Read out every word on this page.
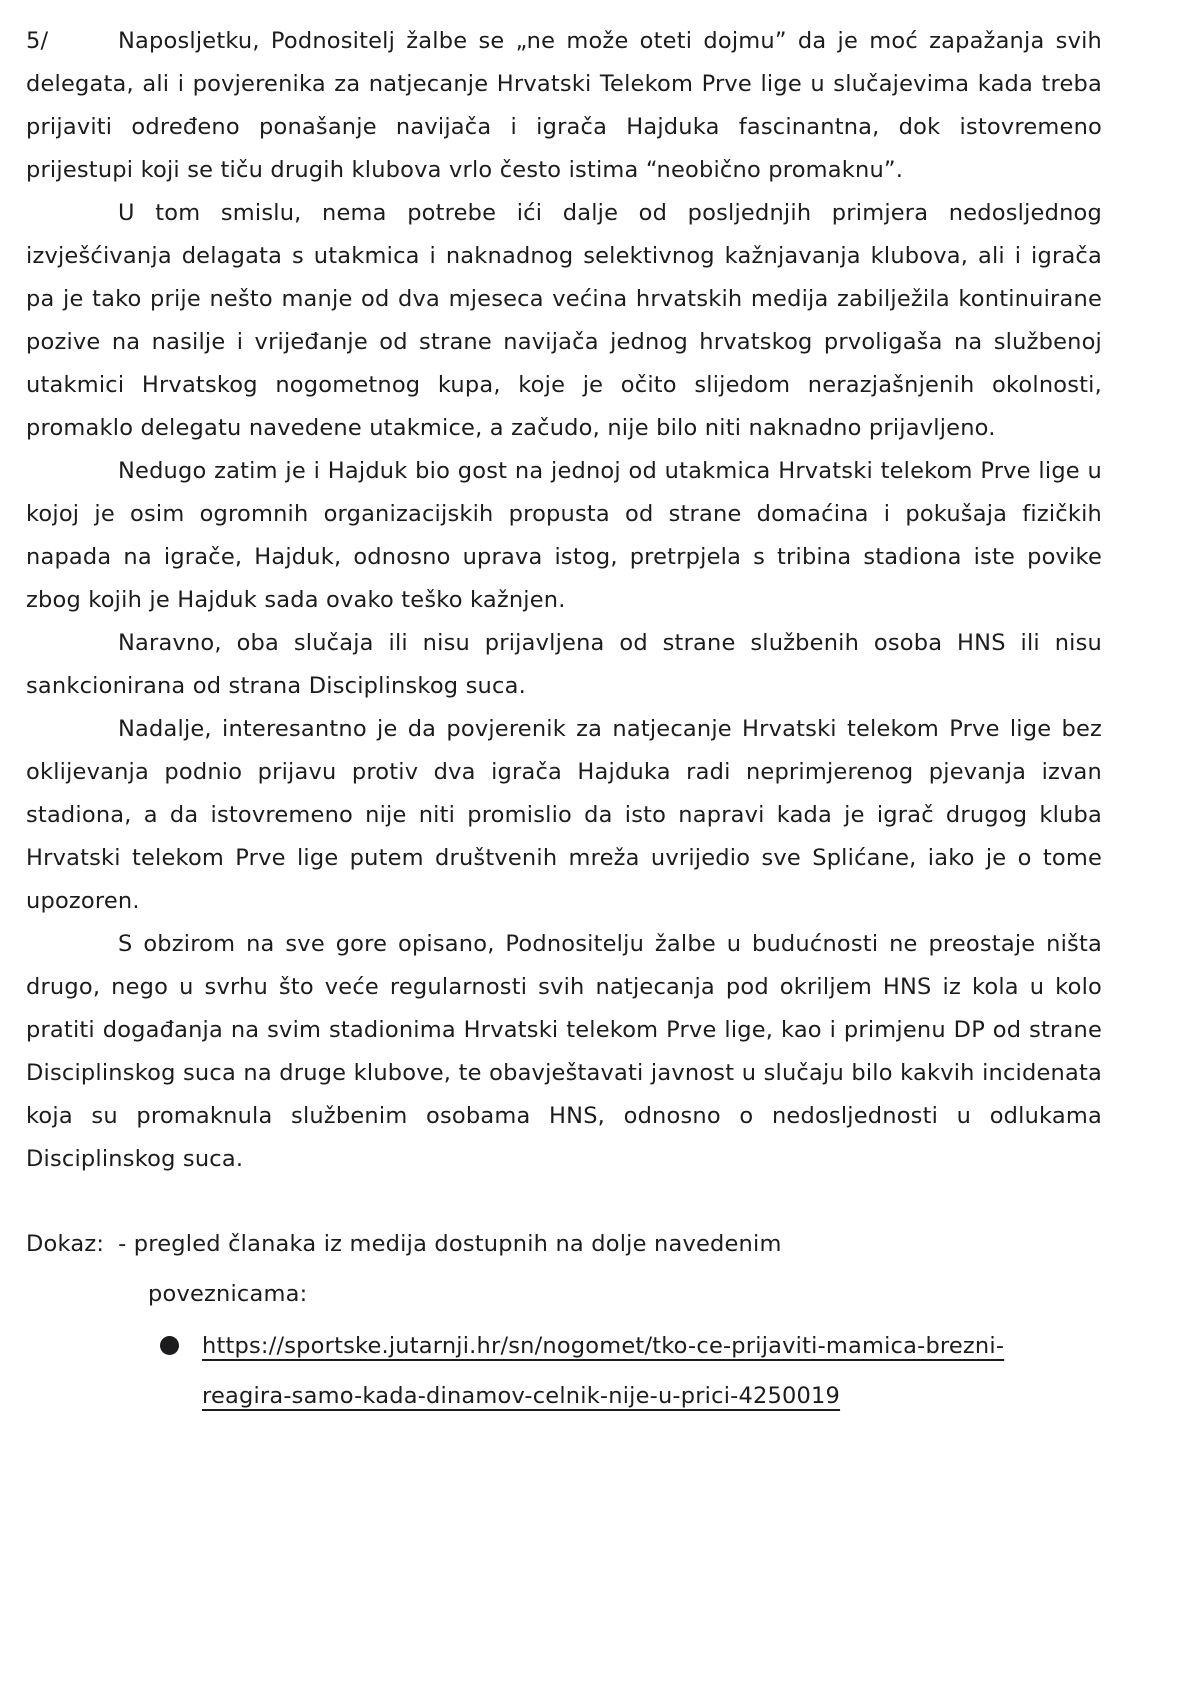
5/	Naposljetku, Podnositelj žalbe se „ne može oteti dojmu” da je moć zapažanja svih delegata, ali i povjerenika za natjecanje Hrvatski Telekom Prve lige u slučajevima kada treba prijaviti određeno ponašanje navijača i igrača Hajduka fascinantna, dok istovremeno prijestupi koji se tiču drugih klubova vrlo često istima “neobično promaknu”.

U tom smislu, nema potrebe ići dalje od posljednjih primjera nedosljednog izvješćivanja delagata s utakmica i naknadnog selektivnog kažnjavanja klubova, ali i igrača pa je tako prije nešto manje od dva mjeseca većina hrvatskih medija zabilježila kontinuirane pozive na nasilje i vrijeđanje od strane navijača jednog hrvatskog prvoligaša na službenoj utakmici Hrvatskog nogometnog kupa, koje je očito slijedom nerazjašnjenih okolnosti, promaklo delegatu navedene utakmice, a začudo, nije bilo niti naknadno prijavljeno.

Nedugo zatim je i Hajduk bio gost na jednoj od utakmica Hrvatski telekom Prve lige u kojoj je osim ogromnih organizacijskih propusta od strane domaćina i pokušaja fizičkih napada na igrače, Hajduk, odnosno uprava istog, pretrpjela s tribina stadiona iste povike zbog kojih je Hajduk sada ovako teško kažnjen.

Naravno, oba slučaja ili nisu prijavljena od strane službenih osoba HNS ili nisu sankcionirana od strana Disciplinskog suca.

Nadalje, interesantno je da povjerenik za natjecanje Hrvatski telekom Prve lige bez oklijevanja podnio prijavu protiv dva igrača Hajduka radi neprimjerenog pjevanja izvan stadiona, a da istovremeno nije niti promislio da isto napravi kada je igrač drugog kluba Hrvatski telekom Prve lige putem društvenih mreža uvrijedio sve Splićane, iako je o tome upozoren.

S obzirom na sve gore opisano, Podnositelju žalbe u budućnosti ne preostaje ništa drugo, nego u svrhu što veće regularnosti svih natjecanja pod okriljem HNS iz kola u kolo pratiti događanja na svim stadionima Hrvatski telekom Prve lige, kao i primjenu DP od strane Disciplinskog suca na druge klubove, te obavještavati javnost u slučaju bilo kakvih incidenata koja su promaknula službenim osobama HNS, odnosno o nedosljednosti u odlukama Disciplinskog suca.

Dokaz: - pregled članaka iz medija dostupnih na dolje navedenim
poveznicama:
https://sportske.jutarnji.hr/sn/nogomet/tko-ce-prijaviti-mamica-brezni-reagira-samo-kada-dinamov-celnik-nije-u-prici-4250019
